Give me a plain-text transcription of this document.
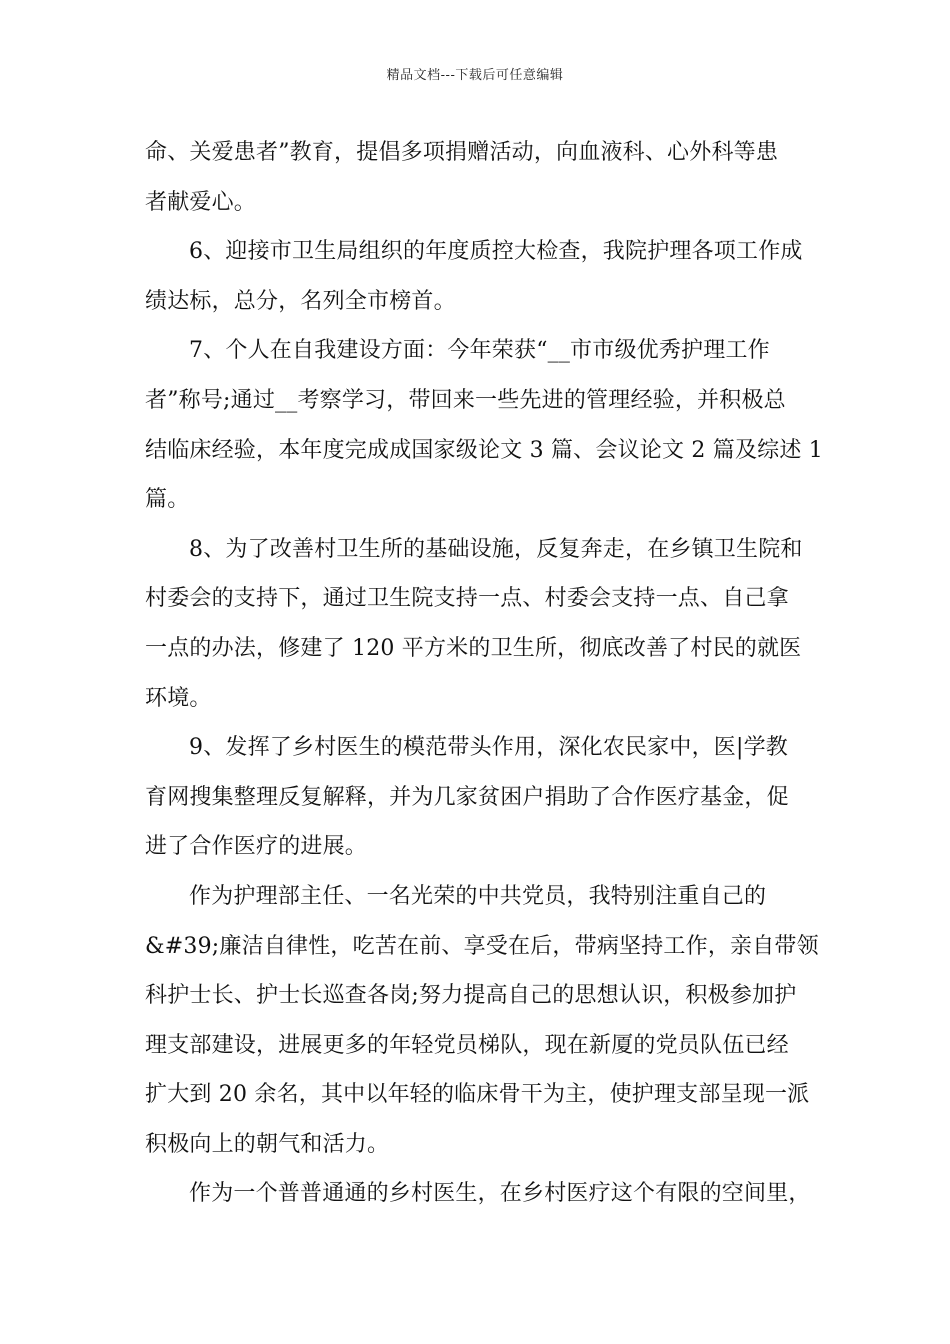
精品文档---下载后可任意编辑
命、关爱患者”教育，提倡多项捐赠活动，向血液科、心外科等患
者献爱心。
6、迎接市卫生局组织的年度质控大检查，我院护理各项工作成
绩达标，总分，名列全市榜首。
7、个人在自我建设方面：今年荣获“__市市级优秀护理工作
者”称号;通过__考察学习，带回来一些先进的管理经验，并积极总
结临床经验，本年度完成成国家级论文 3 篇、会议论文 2 篇及综述 1
篇。
8、为了改善村卫生所的基础设施，反复奔走，在乡镇卫生院和
村委会的支持下，通过卫生院支持一点、村委会支持一点、自己拿
一点的办法，修建了 120 平方米的卫生所，彻底改善了村民的就医
环境。
9、发挥了乡村医生的模范带头作用，深化农民家中，医|学教
育网搜集整理反复解释，并为几家贫困户捐助了合作医疗基金，促
进了合作医疗的进展。
作为护理部主任、一名光荣的中共党员，我特别注重自己的
&#39;廉洁自律性，吃苦在前、享受在后，带病坚持工作，亲自带领
科护士长、护士长巡查各岗;努力提高自己的思想认识，积极参加护
理支部建设，进展更多的年轻党员梯队，现在新厦的党员队伍已经
扩大到 20 余名，其中以年轻的临床骨干为主，使护理支部呈现一派
积极向上的朝气和活力。
作为一个普普通通的乡村医生，在乡村医疗这个有限的空间里，
